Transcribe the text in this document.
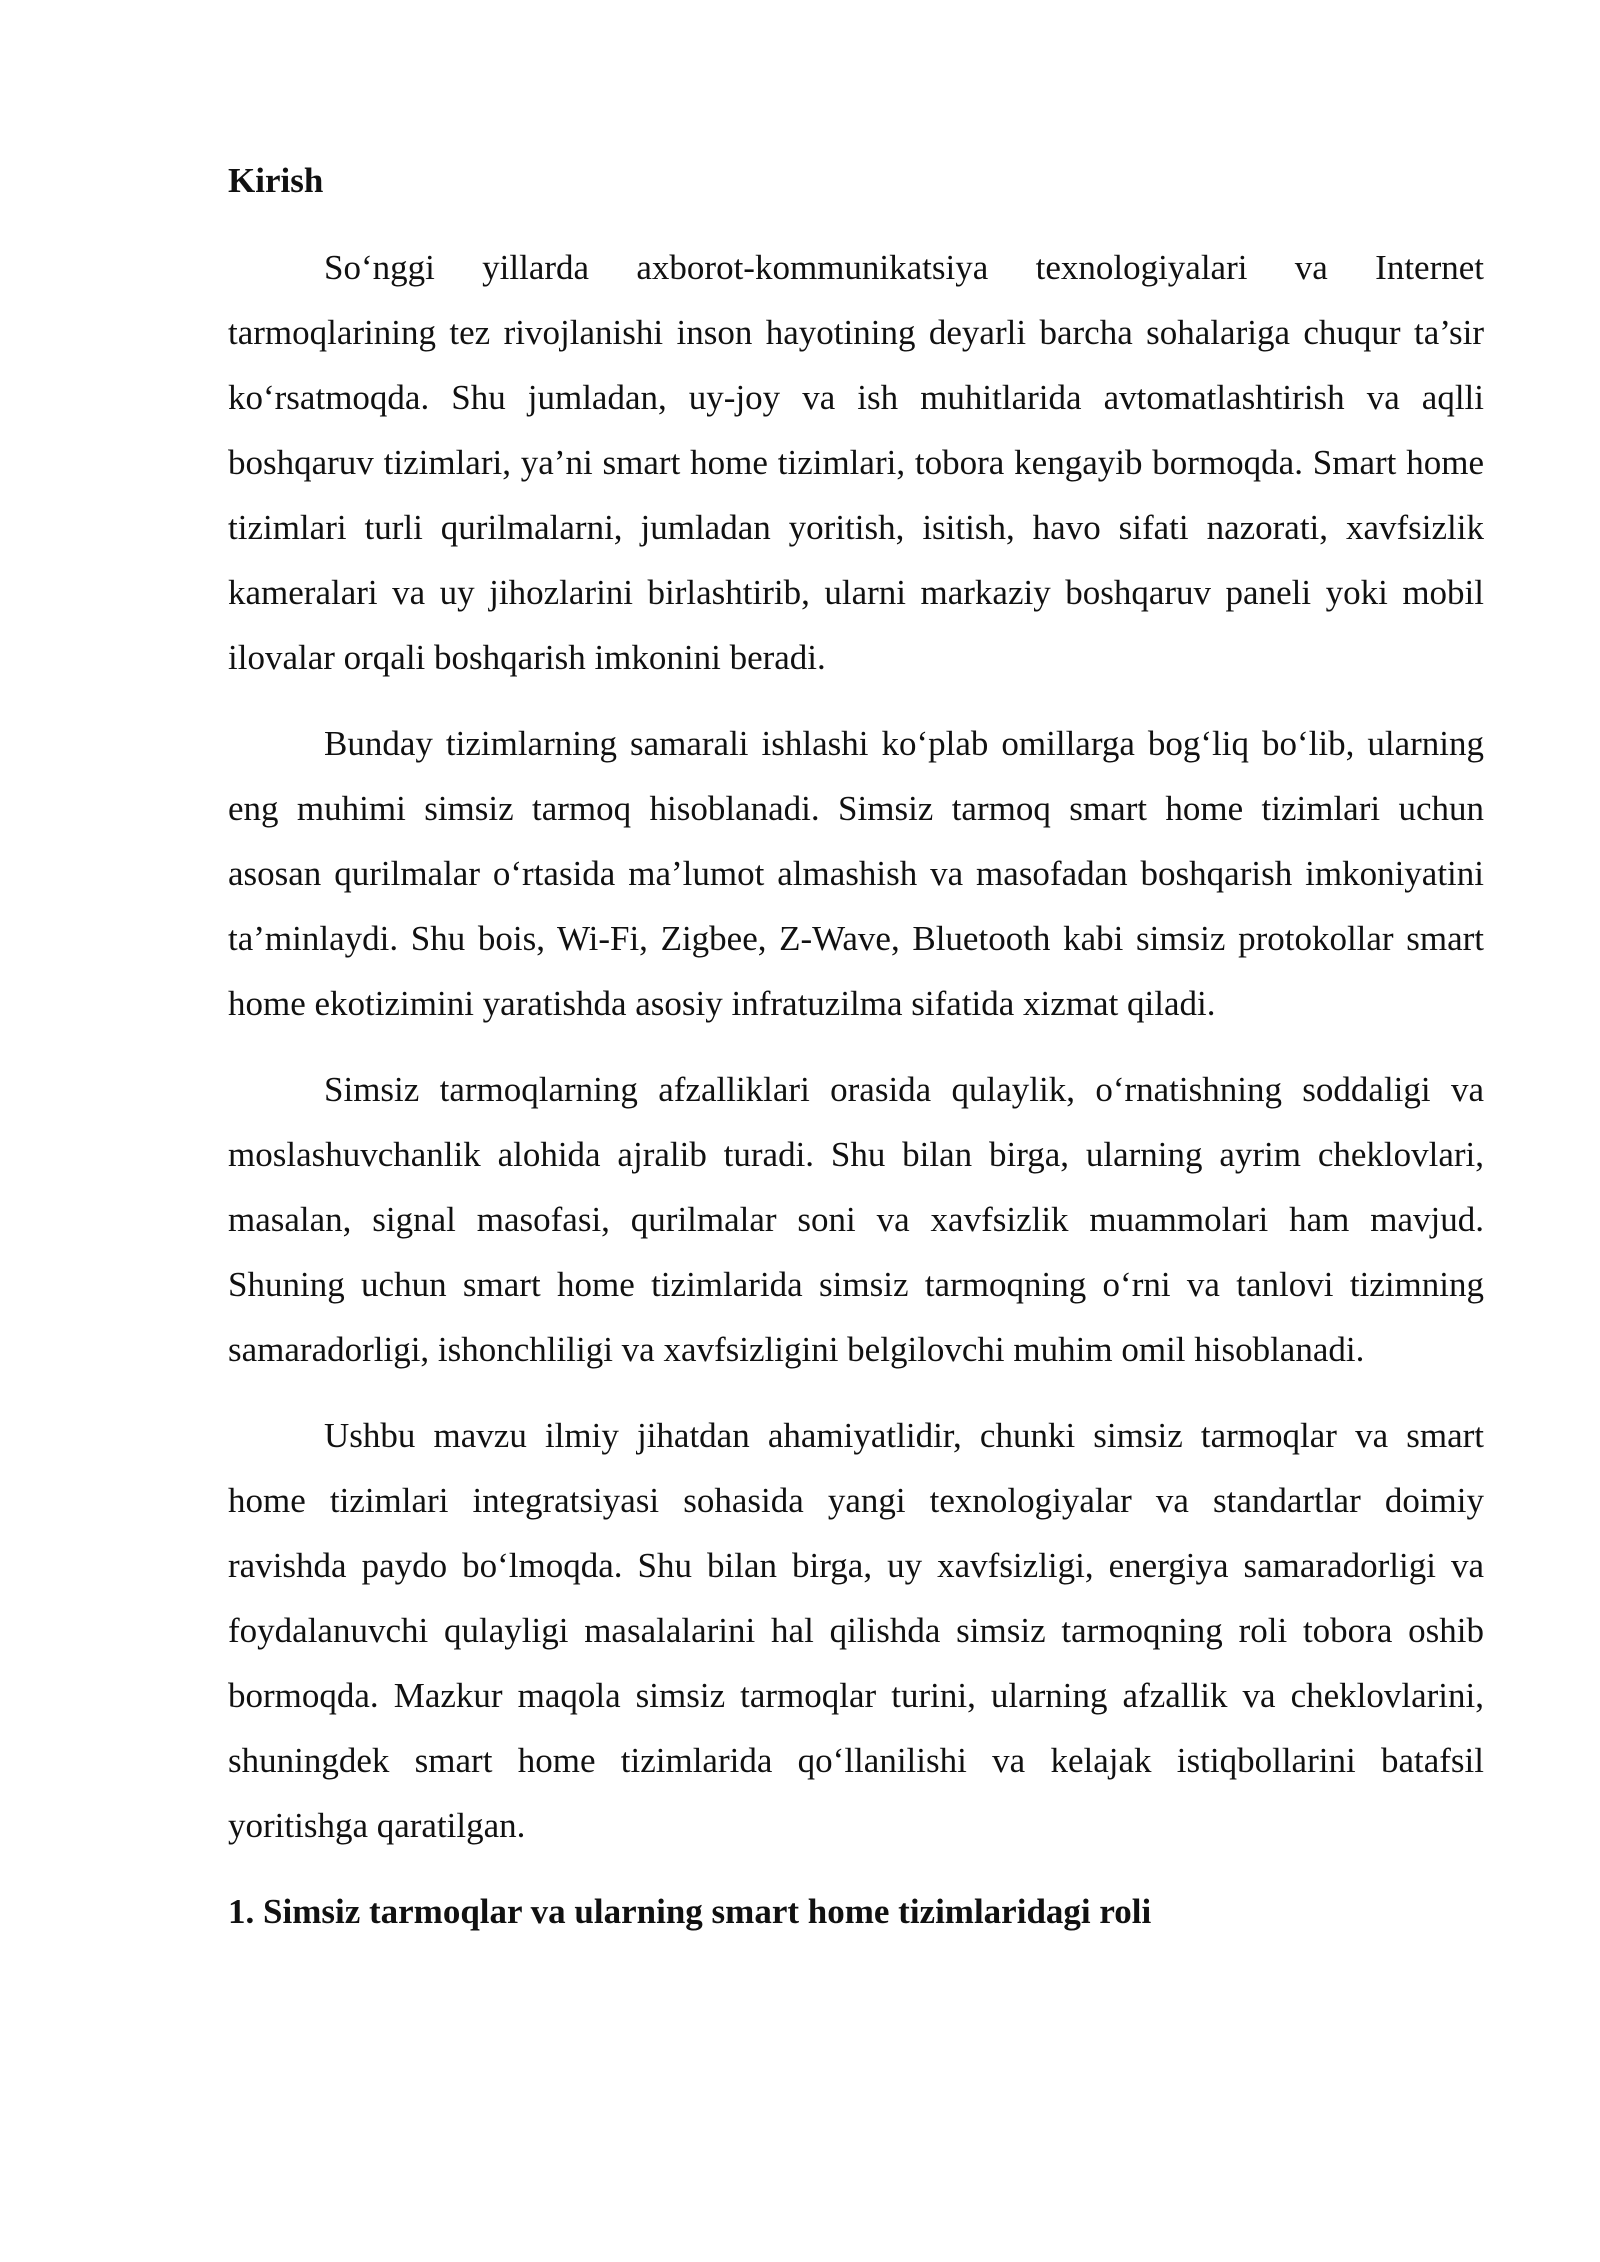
Kirish

So‘nggi yillarda axborot-kommunikatsiya texnologiyalari va Internet tarmoqlarining tez rivojlanishi inson hayotining deyarli barcha sohalariga chuqur ta’sir ko‘rsatmoqda. Shu jumladan, uy-joy va ish muhitlarida avtomatlashtirish va aqlli boshqaruv tizimlari, ya’ni smart home tizimlari, tobora kengayib bormoqda. Smart home tizimlari turli qurilmalarni, jumladan yoritish, isitish, havo sifati nazorati, xavfsizlik kameralari va uy jihozlarini birlashtirib, ularni markaziy boshqaruv paneli yoki mobil ilovalar orqali boshqarish imkonini beradi.

Bunday tizimlarning samarali ishlashi ko‘plab omillarga bog‘liq bo‘lib, ularning eng muhimi simsiz tarmoq hisoblanadi. Simsiz tarmoq smart home tizimlari uchun asosan qurilmalar o‘rtasida ma’lumot almashish va masofadan boshqarish imkoniyatini ta’minlaydi. Shu bois, Wi-Fi, Zigbee, Z-Wave, Bluetooth kabi simsiz protokollar smart home ekotizimini yaratishda asosiy infratuzilma sifatida xizmat qiladi.

Simsiz tarmoqlarning afzalliklari orasida qulaylik, o‘rnatishning soddaligi va moslashuvchanlik alohida ajralib turadi. Shu bilan birga, ularning ayrim cheklovlari, masalan, signal masofasi, qurilmalar soni va xavfsizlik muammolari ham mavjud. Shuning uchun smart home tizimlarida simsiz tarmoqning o‘rni va tanlovi tizimning samaradorligi, ishonchliligi va xavfsizligini belgilovchi muhim omil hisoblanadi.

Ushbu mavzu ilmiy jihatdan ahamiyatlidir, chunki simsiz tarmoqlar va smart home tizimlari integratsiyasi sohasida yangi texnologiyalar va standartlar doimiy ravishda paydo bo‘lmoqda. Shu bilan birga, uy xavfsizligi, energiya samaradorligi va foydalanuvchi qulayligi masalalarini hal qilishda simsiz tarmoqning roli tobora oshib bormoqda. Mazkur maqola simsiz tarmoqlar turini, ularning afzallik va cheklovlarini, shuningdek smart home tizimlarida qo‘llanilishi va kelajak istiqbollarini batafsil yoritishga qaratilgan.

1. Simsiz tarmoqlar va ularning smart home tizimlaridagi roli
